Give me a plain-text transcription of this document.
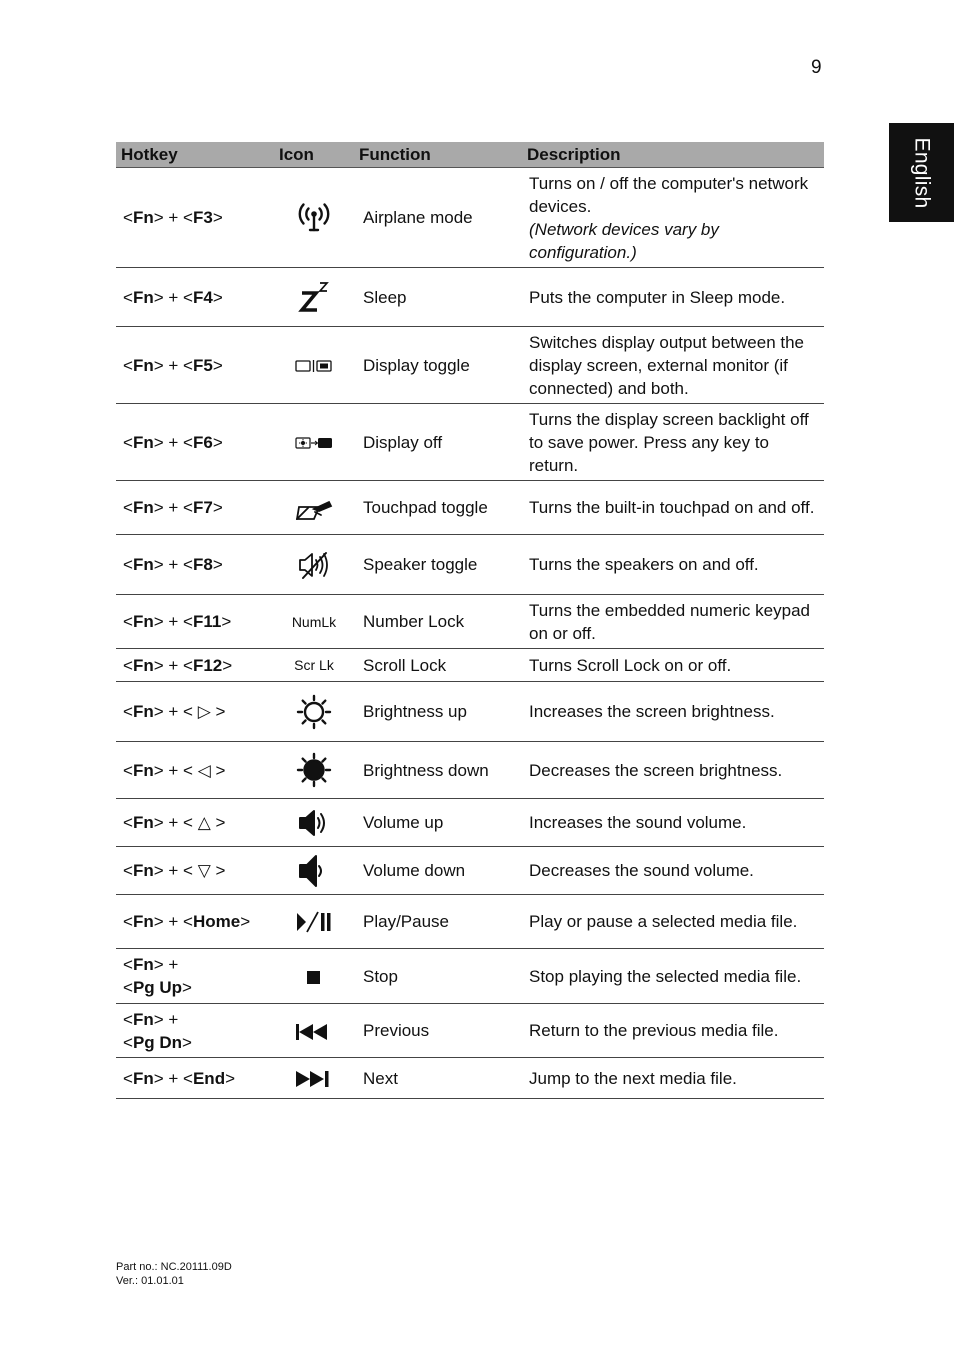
9
English
Hotkey	Icon	Function	Description
<Fn> + <F3>		Airplane mode	Turns on / off the computer's network devices.
(Network devices vary by configuration.)

<Fn> + <F4>		Sleep	Puts the computer in Sleep mode.
<Fn> + <F5>		Display toggle	Switches display output between the display screen, external monitor (if connected) and both.
<Fn> + <F6>		Display off	Turns the display screen backlight off to save power. Press any key to return.
<Fn> + <F7>		Touchpad toggle	Turns the built-in touchpad on and off.
<Fn> + <F8>		Speaker toggle	Turns the speakers on and off.
<Fn> + <F11>	NumLk	Number Lock	Turns the embedded numeric keypad on or off.
<Fn> + <F12>	Scr Lk	Scroll Lock	Turns Scroll Lock on or off.
<Fn> + < ▷ >		Brightness up	Increases the screen brightness.
<Fn> + < ◁ >		Brightness down	Decreases the screen brightness.
<Fn> + < △ >		Volume up	Increases the sound volume.
<Fn> + < ▽ >		Volume down	Decreases the sound volume.
<Fn> + <Home>		Play/Pause	Play or pause a selected media file.
<Fn> +
<Pg Up>		Stop	Stop playing the selected media file.
<Fn> +
<Pg Dn>		Previous	Return to the previous media file.
<Fn> + <End>		Next	Jump to the next media file.
Part no.: NC.20111.09D
Ver.: 01.01.01
